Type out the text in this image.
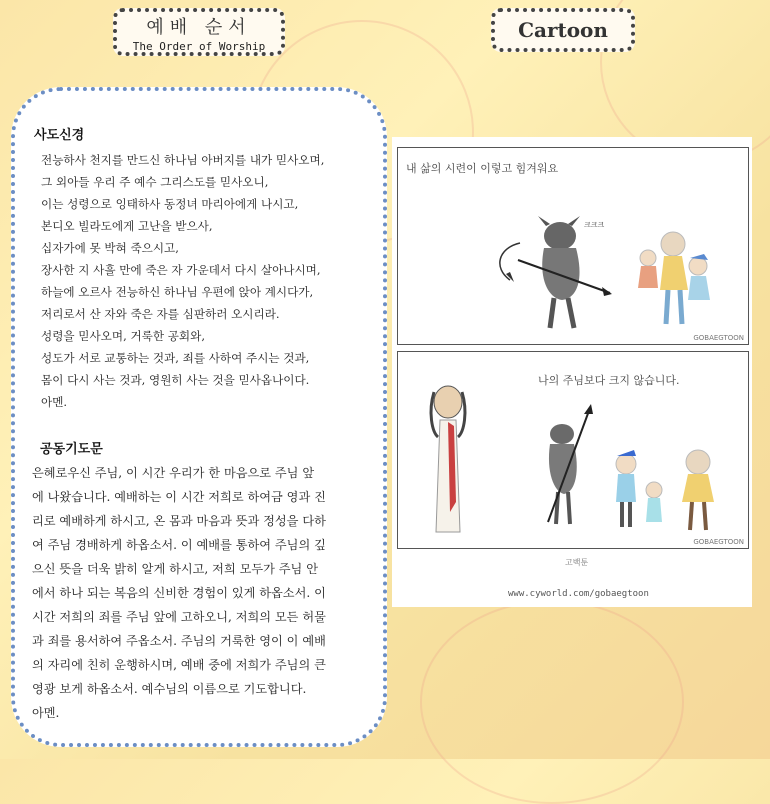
예배 순서
The Order of Worship
Cartoon
사도신경
전능하사 천지를 만드신 하나님 아버지를 내가 믿사오며,
그 외아들 우리 주 예수 그리스도를 믿사오니,
이는 성령으로 잉태하사 동정녀 마리아에게 나시고,
본디오 빌라도에게 고난을 받으사,
십자가에 못 박혀 죽으시고,
장사한 지 사흘 만에 죽은 자 가운데서 다시 살아나시며,
하늘에 오르사 전능하신 하나님 우편에 앉아 계시다가,
저리로서 산 자와 죽은 자를 심판하러 오시리라.
성령을 믿사오며, 거룩한 공회와,
성도가 서로 교통하는 것과, 죄를 사하여 주시는 것과,
몸이 다시 사는 것과, 영원히 사는 것을 믿사옵나이다.
아멘.
공동기도문
은혜로우신 주님, 이 시간 우리가 한 마음으로 주님 앞
에 나왔습니다. 예배하는 이 시간 저희로 하여금 영과 진
리로 예배하게 하시고, 온 몸과 마음과 뜻과 정성을 다하
여 주님 경배하게 하옵소서. 이 예배를 통하여 주님의 깊
으신 뜻을 더욱 밝히 알게 하시고, 저희 모두가 주님 안
에서 하나 되는 복음의 신비한 경험이 있게 하옵소서. 이
시간 저희의 죄를 주님 앞에 고하오니, 저희의 모든 허물
과 죄를 용서하여 주옵소서. 주님의 거룩한 영이 이 예배
의 자리에 친히 운행하시며, 예배 중에 저희가 주님의 큰
영광 보게 하옵소서. 예수님의 이름으로 기도합니다.
아멘.
내 삶의 시련이 이렇고 힘겨워요
크크크
GOBAEGTOON
나의 주님보다 크지 않습니다.
GOBAEGTOON
고백툰
www.cyworld.com/gobaegtoon
